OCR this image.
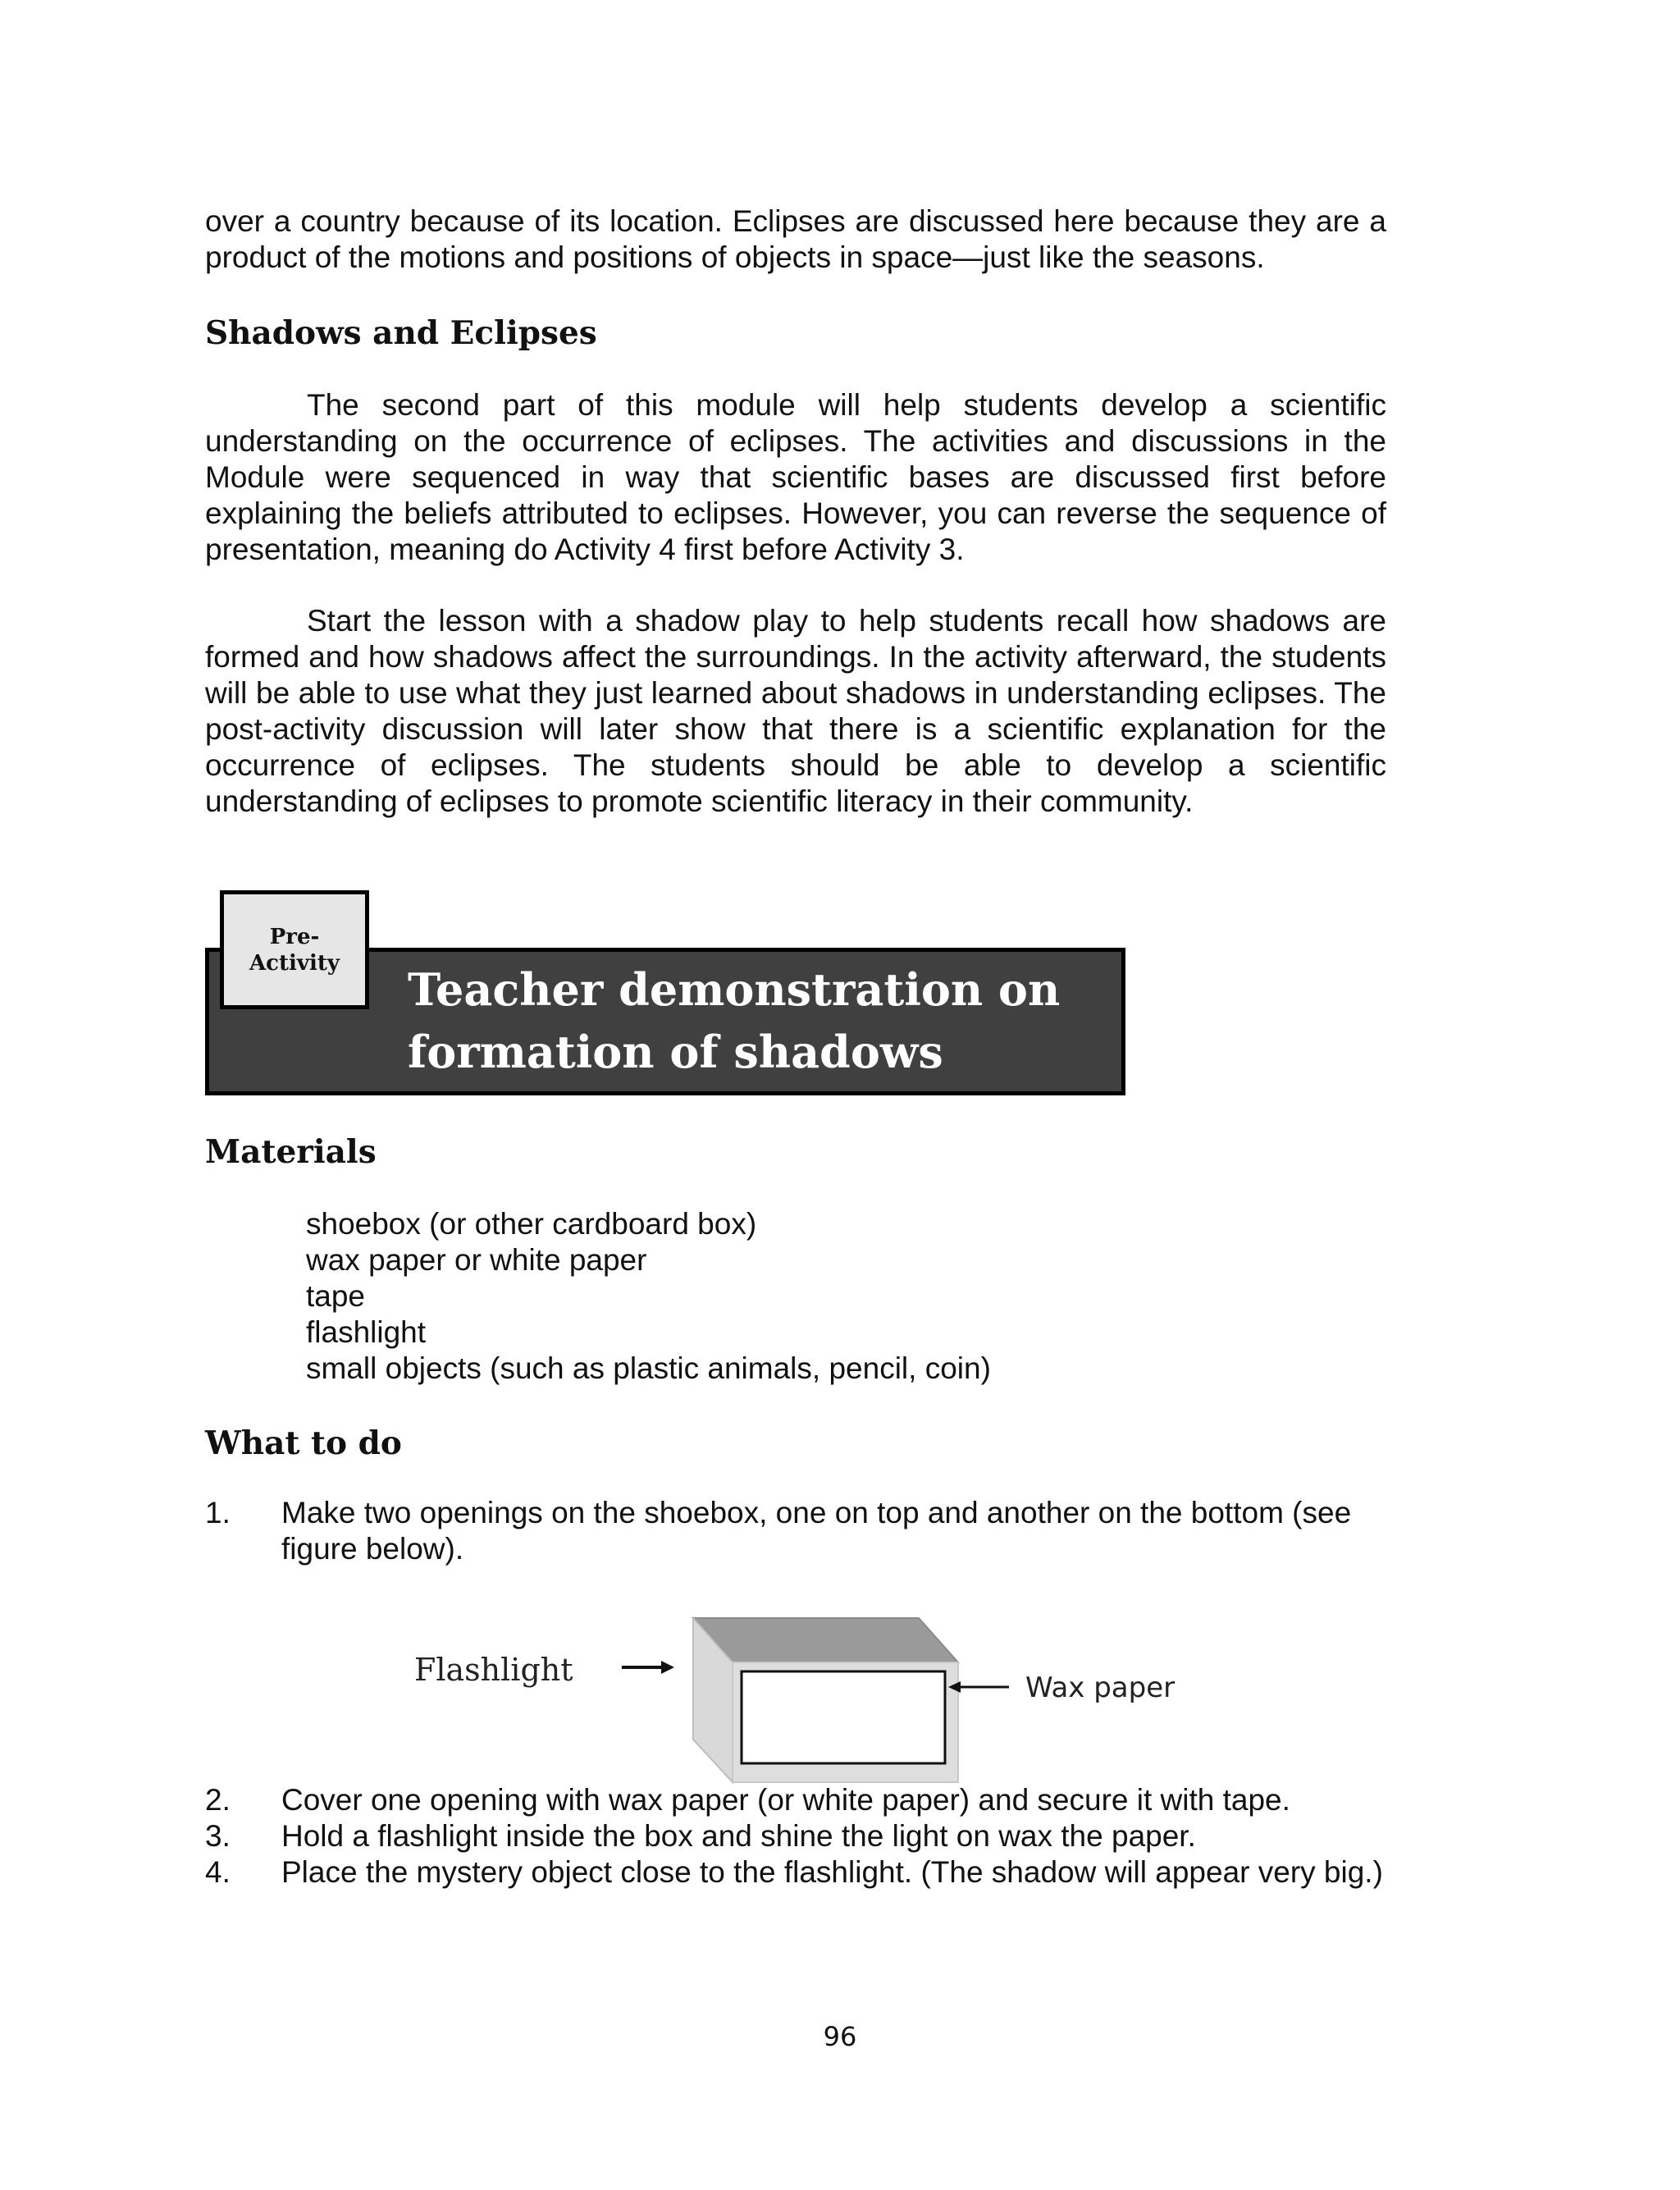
over a country because of its location. Eclipses are discussed here because they are a product of the motions and positions of objects in space—just like the seasons.

Shadows and Eclipses

The second part of this module will help students develop a scientific understanding on the occurrence of eclipses. The activities and discussions in the Module were sequenced in way that scientific bases are discussed first before explaining the beliefs attributed to eclipses. However, you can reverse the sequence of presentation, meaning do Activity 4 first before Activity 3.

Start the lesson with a shadow play to help students recall how shadows are formed and how shadows affect the surroundings. In the activity afterward, the students will be able to use what they just learned about shadows in understanding eclipses. The post-activity discussion will later show that there is a scientific explanation for the occurrence of eclipses. The students should be able to develop a scientific understanding of eclipses to promote scientific literacy in their community.

Pre-
Activity
Teacher demonstration on
formation of shadows
Materials
shoebox (or other cardboard box)
wax paper or white paper
tape
flashlight
small objects (such as plastic animals, pencil, coin)
What to do
1.	Make two openings on the shoebox, one on top and another on the bottom (see figure below).
Flashlight	Wax paper
2.	Cover one opening with wax paper (or white paper) and secure it with tape.
3.	Hold a flashlight inside the box and shine the light on wax the paper.
4.	Place the mystery object close to the flashlight. (The shadow will appear very big.)
96
